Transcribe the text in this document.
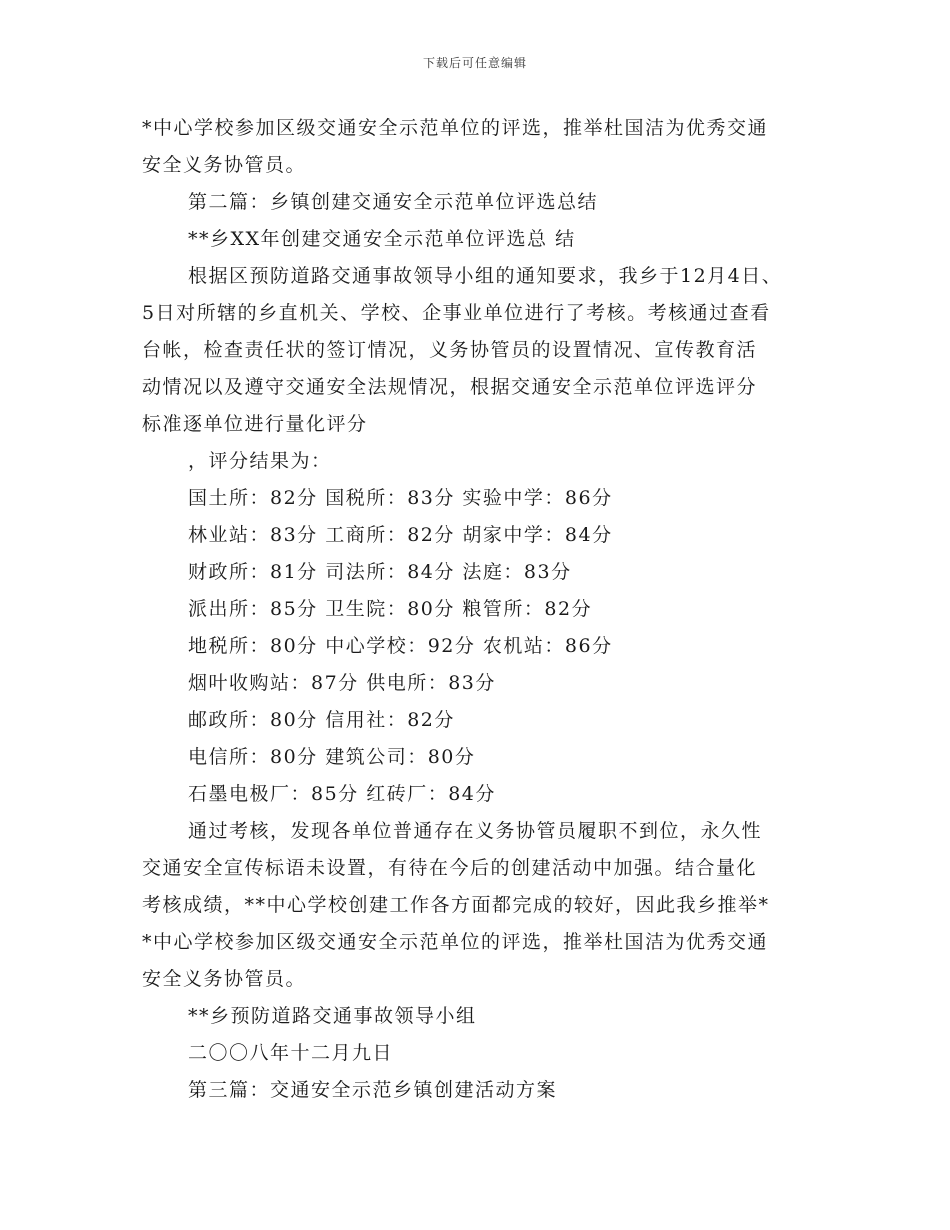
下载后可任意编辑
*中心学校参加区级交通安全示范单位的评选，推举杜国洁为优秀交通
安全义务协管员。
第二篇：乡镇创建交通安全示范单位评选总结
**乡XX年创建交通安全示范单位评选总 结
根据区预防道路交通事故领导小组的通知要求，我乡于12月4日、
5日对所辖的乡直机关、学校、企事业单位进行了考核。考核通过查看
台帐，检查责任状的签订情况，义务协管员的设置情况、宣传教育活
动情况以及遵守交通安全法规情况，根据交通安全示范单位评选评分
标准逐单位进行量化评分
，评分结果为：
国土所：82分 国税所：83分 实验中学：86分
林业站：83分 工商所：82分 胡家中学：84分
财政所：81分 司法所：84分 法庭：83分
派出所：85分 卫生院：80分 粮管所：82分
地税所：80分 中心学校：92分 农机站：86分
烟叶收购站：87分 供电所：83分
邮政所：80分 信用社：82分
电信所：80分 建筑公司：80分
石墨电极厂：85分 红砖厂：84分
通过考核，发现各单位普通存在义务协管员履职不到位，永久性
交通安全宣传标语未设置，有待在今后的创建活动中加强。结合量化
考核成绩，**中心学校创建工作各方面都完成的较好，因此我乡推举*
*中心学校参加区级交通安全示范单位的评选，推举杜国洁为优秀交通
安全义务协管员。
**乡预防道路交通事故领导小组
二〇〇八年十二月九日
第三篇：交通安全示范乡镇创建活动方案
